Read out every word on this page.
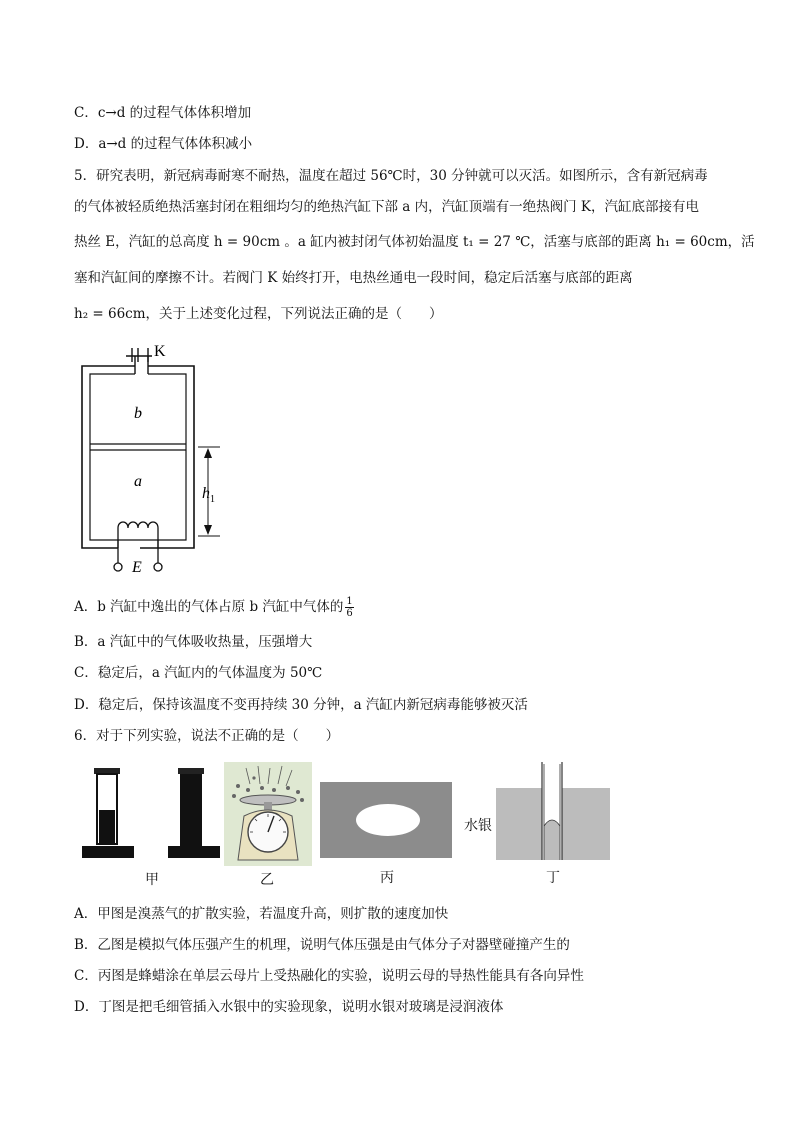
C．c→d 的过程气体体积增加
D．a→d 的过程气体体积减小
5．研究表明，新冠病毒耐寒不耐热，温度在超过 56℃时，30 分钟就可以灭活。如图所示，含有新冠病毒
的气体被轻质绝热活塞封闭在粗细均匀的绝热汽缸下部 a 内，汽缸顶端有一绝热阀门 K，汽缸底部接有电
热丝 E，汽缸的总高度 h = 90cm 。a 缸内被封闭气体初始温度 t₁ = 27 ℃，活塞与底部的距离 h₁ = 60cm，活
塞和汽缸间的摩擦不计。若阀门 K 始终打开，电热丝通电一段时间，稳定后活塞与底部的距离
h₂ = 66cm，关于上述变化过程，下列说法正确的是（　　）
K
b
a
$h_1$
E
A．b 汽缸中逸出的气体占原 b 汽缸中气体的 $\frac{1}{6}$
B．a 汽缸中的气体吸收热量，压强增大
C．稳定后，a 汽缸内的气体温度为 50℃
D．稳定后，保持该温度不变再持续 30 分钟，a 汽缸内新冠病毒能够被灭活
6．对于下列实验，说法不正确的是（　　）
水银
甲	乙	丙	丁
A．甲图是溴蒸气的扩散实验，若温度升高，则扩散的速度加快
B．乙图是模拟气体压强产生的机理，说明气体压强是由气体分子对器壁碰撞产生的
C．丙图是蜂蜡涂在单层云母片上受热融化的实验，说明云母的导热性能具有各向异性
D．丁图是把毛细管插入水银中的实验现象，说明水银对玻璃是浸润液体
